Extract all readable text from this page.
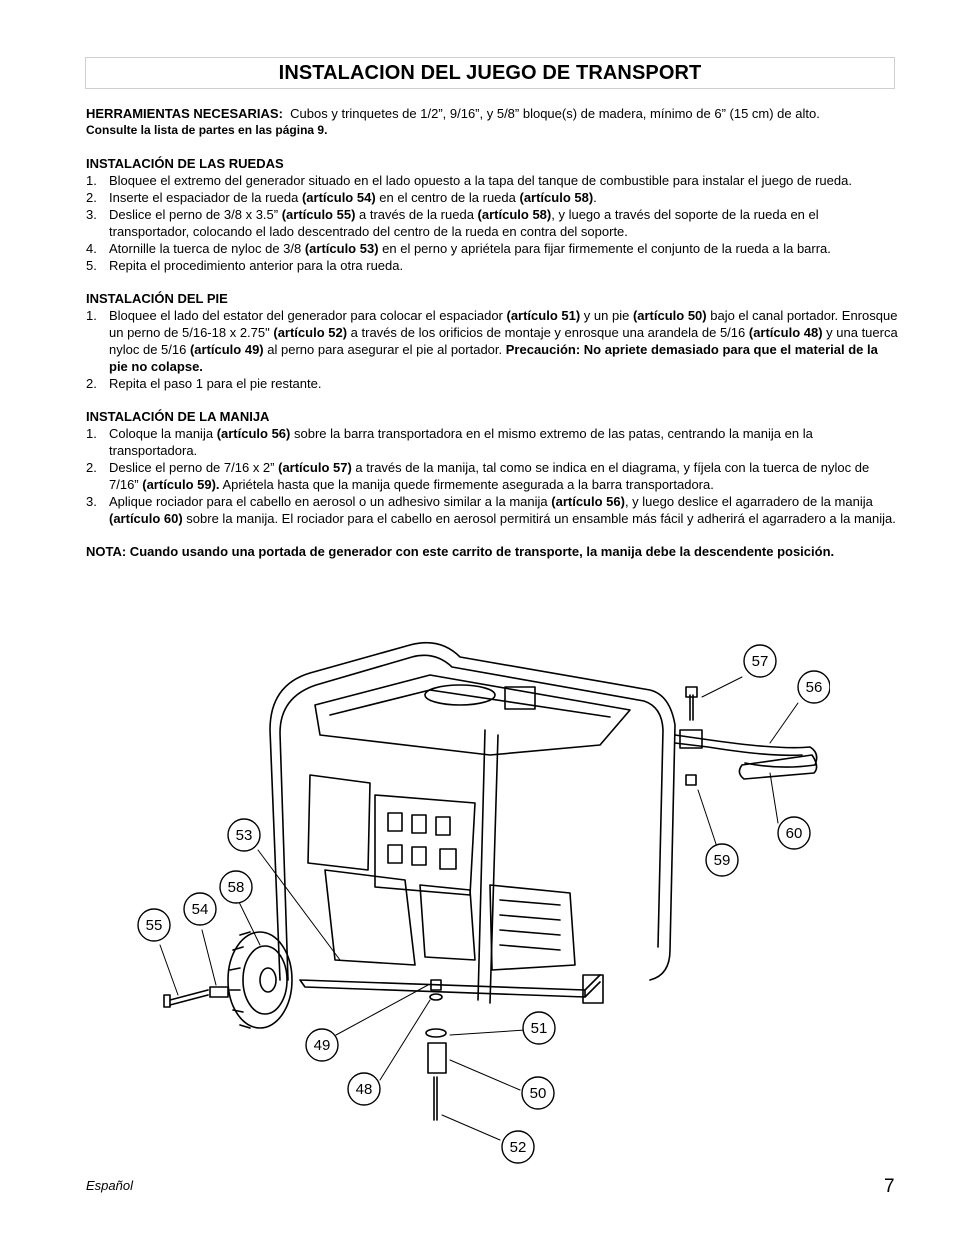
INSTALACION DEL JUEGO DE TRANSPORT

HERRAMIENTAS NECESARIAS: Cubos y trinquetes de 1/2”, 9/16”, y 5/8” bloque(s) de madera, mínimo de 6” (15 cm) de alto.

Consulte la lista de partes en las página 9.

INSTALACIÓN DE LAS RUEDAS

1. Bloquee el extremo del generador situado en el lado opuesto a la tapa del tanque de combustible para instalar el juego de rueda.
2. Inserte el espaciador de la rueda (artículo 54) en el centro de la rueda (artículo 58).
3. Deslice el perno de 3/8 x 3.5” (artículo 55) a través de la rueda (artículo 58), y luego a través del soporte de la rueda en el transportador, colocando el lado descentrado del centro de la rueda en contra del soporte.
4. Atornille la tuerca de nyloc de 3/8 (artículo 53) en el perno y apriétela para fijar firmemente el conjunto de la rueda a la barra.
5. Repita el procedimiento anterior para la otra rueda.

INSTALACIÓN DEL PIE

1. Bloquee el lado del estator del generador para colocar el espaciador (artículo 51) y un pie (artículo 50) bajo el canal portador. Enrosque un perno de 5/16-18 x 2.75" (artículo 52) a través de los orificios de montaje y enrosque una arandela de 5/16 (artículo 48) y una tuerca nyloc de 5/16 (artículo 49) al perno para asegurar el pie al portador. Precaución: No apriete demasiado para que el material de la pie no colapse.
2. Repita el paso 1 para el pie restante.

INSTALACIÓN DE LA MANIJA

1. Coloque la manija (artículo 56) sobre la barra transportadora en el mismo extremo de las patas, centrando la manija en la transportadora.
2. Deslice el perno de 7/16 x 2” (artículo 57) a través de la manija, tal como se indica en el diagrama, y fíjela con la tuerca de nyloc de 7/16” (artículo 59). Apriétela hasta que la manija quede firmemente asegurada a la barra transportadora.
3. Aplique rociador para el cabello en aerosol o un adhesivo similar a la manija (artículo 56), y luego deslice el agarradero de la manija (artículo 60) sobre la manija. El rociador para el cabello en aerosol permitirá un ensamble más fácil y adherirá el agarradero a la manija.

NOTA: Cuando usando una portada de generador con este carrito de transporte, la manija debe la descendente posición.

57
56
60
59
53
58
54
55
51
49
50
48
52
Español	7
